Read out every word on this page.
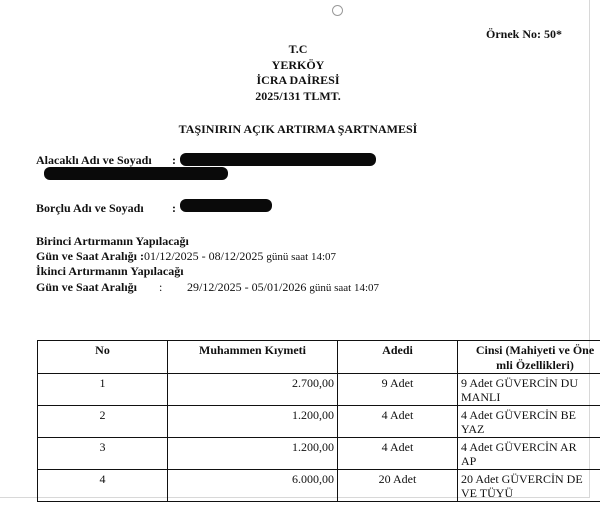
Örnek No: 50*
T.C
YERKÖY
İCRA DAİRESİ
2025/131 TLMT.
TAŞINIRIN AÇIK ARTIRMA ŞARTNAMESİ
Alacaklı Adı ve Soyadı :
Borçlu Adı ve Soyadı :
Birinci Artırmanın Yapılacağı
Gün ve Saat Aralığı :01/12/2025 - 08/12/2025 günü saat 14:07
İkinci Artırmanın Yapılacağı
Gün ve Saat Aralığı : 29/12/2025 - 05/01/2026 günü saat 14:07
No	Muhammen Kıymeti	Adedi	Cinsi (Mahiyeti ve Öne
mli Özellikleri)

1	2.700,00	9 Adet	9 Adet GÜVERCİN DU
MANLI

2	1.200,00	4 Adet	4 Adet GÜVERCİN BE
YAZ

3	1.200,00	4 Adet	4 Adet GÜVERCİN AR
AP

4	6.000,00	20 Adet	20 Adet GÜVERCİN DE
VE TÜYÜ
